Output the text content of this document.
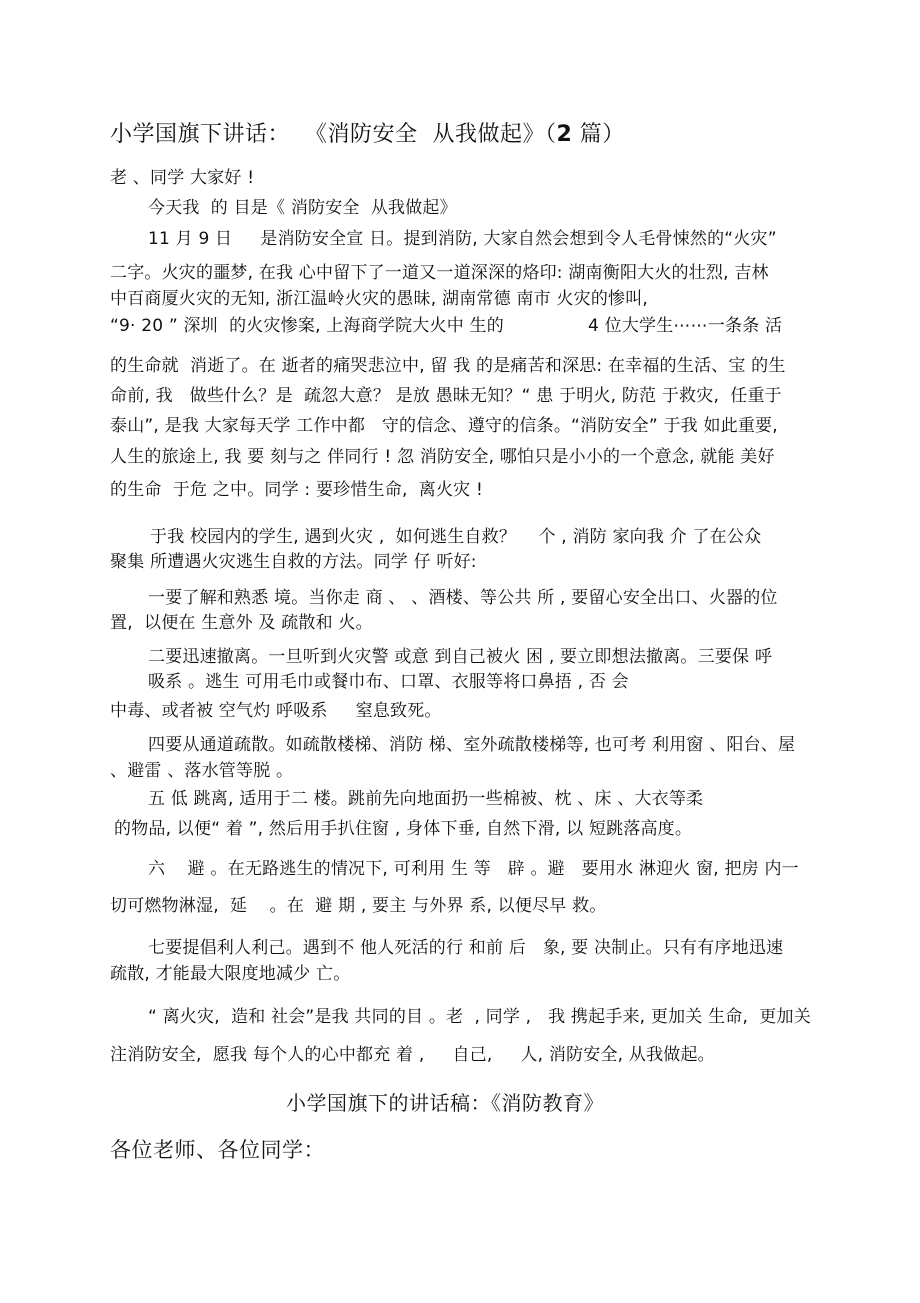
小学国旗下讲话：  《消防安全  从我做起》（2 篇）
老 、同学 大家好 !
今天我  的 目是《 消防安全  从我做起》
11 月 9 日     是消防安全宣 日。提到消防, 大家自然会想到令人毛骨悚然的“火灾”
二字。火灾的噩梦, 在我 心中留下了一道又一道深深的烙印: 湖南衡阳大火的壮烈, 吉林
中百商厦火灾的无知, 浙江温岭火灾的愚昧, 湖南常德 南市 火灾的惨叫,
“9· 20 ” 深圳  的火灾惨案, 上海商学院大火中 生的	4 位大学生⋯⋯一条条 活
的生命就  消逝了。在 逝者的痛哭悲泣中, 留 我 的是痛苦和深思: 在幸福的生活、宝 的生
命前, 我   做些什么？是  疏忽大意？ 是放 愚昧无知？“ 患 于明火, 防范 于救灾,  任重于
泰山”, 是我 大家每天学 工作中都   守的信念、遵守的信条。“消防安全” 于我 如此重要,
人生的旅途上, 我 要 刻与之 伴同行 ! 忽 消防安全, 哪怕只是小小的一个意念, 就能 美好
的生命  于危 之中。同学 : 要珍惜生命,  离火灾 !
于我 校园内的学生, 遇到火灾 ,  如何逃生自救？    个 , 消防 家向我 介 了在公众
聚集 所遭遇火灾逃生自救的方法。同学 仔 听好:
一要了解和熟悉 境。当你走 商 、 、酒楼、等公共 所 , 要留心安全出口、火器的位
置,  以便在 生意外 及 疏散和 火。
二要迅速撤离。一旦听到火灾警 或意 到自己被火 困 , 要立即想法撤离。三要保 呼
吸系 。逃生 可用毛巾或餐巾布、口罩、衣服等将口鼻捂 , 否 会
中毒、或者被 空气灼 呼吸系     窒息致死。
四要从通道疏散。如疏散楼梯、消防 梯、室外疏散楼梯等, 也可考 利用窗 、阳台、屋
、避雷 、落水管等脱 。
五 低 跳离, 适用于二 楼。跳前先向地面扔一些棉被、枕 、床 、大衣等柔
的物品, 以便“ 着 ”, 然后用手扒住窗 , 身体下垂, 自然下滑, 以 短跳落高度。
六    避 。在无路逃生的情况下, 可利用 生 等   辟 。避   要用水 淋迎火 窗, 把房 内一
切可燃物淋湿,  延    。在  避 期 , 要主 与外界 系, 以便尽早 救。
七要提倡利人利己。遇到不 他人死活的行 和前 后   象, 要 决制止。只有有序地迅速
疏散, 才能最大限度地减少 亡。
“ 离火灾,  造和 社会”是我 共同的目 。老  , 同学 ,   我 携起手来, 更加关 生命,  更加关
注消防安全,  愿我 每个人的心中都充 着 ,     自己,     人, 消防安全, 从我做起。
小学国旗下的讲话稿：《消防教育》
各位老师、各位同学：
